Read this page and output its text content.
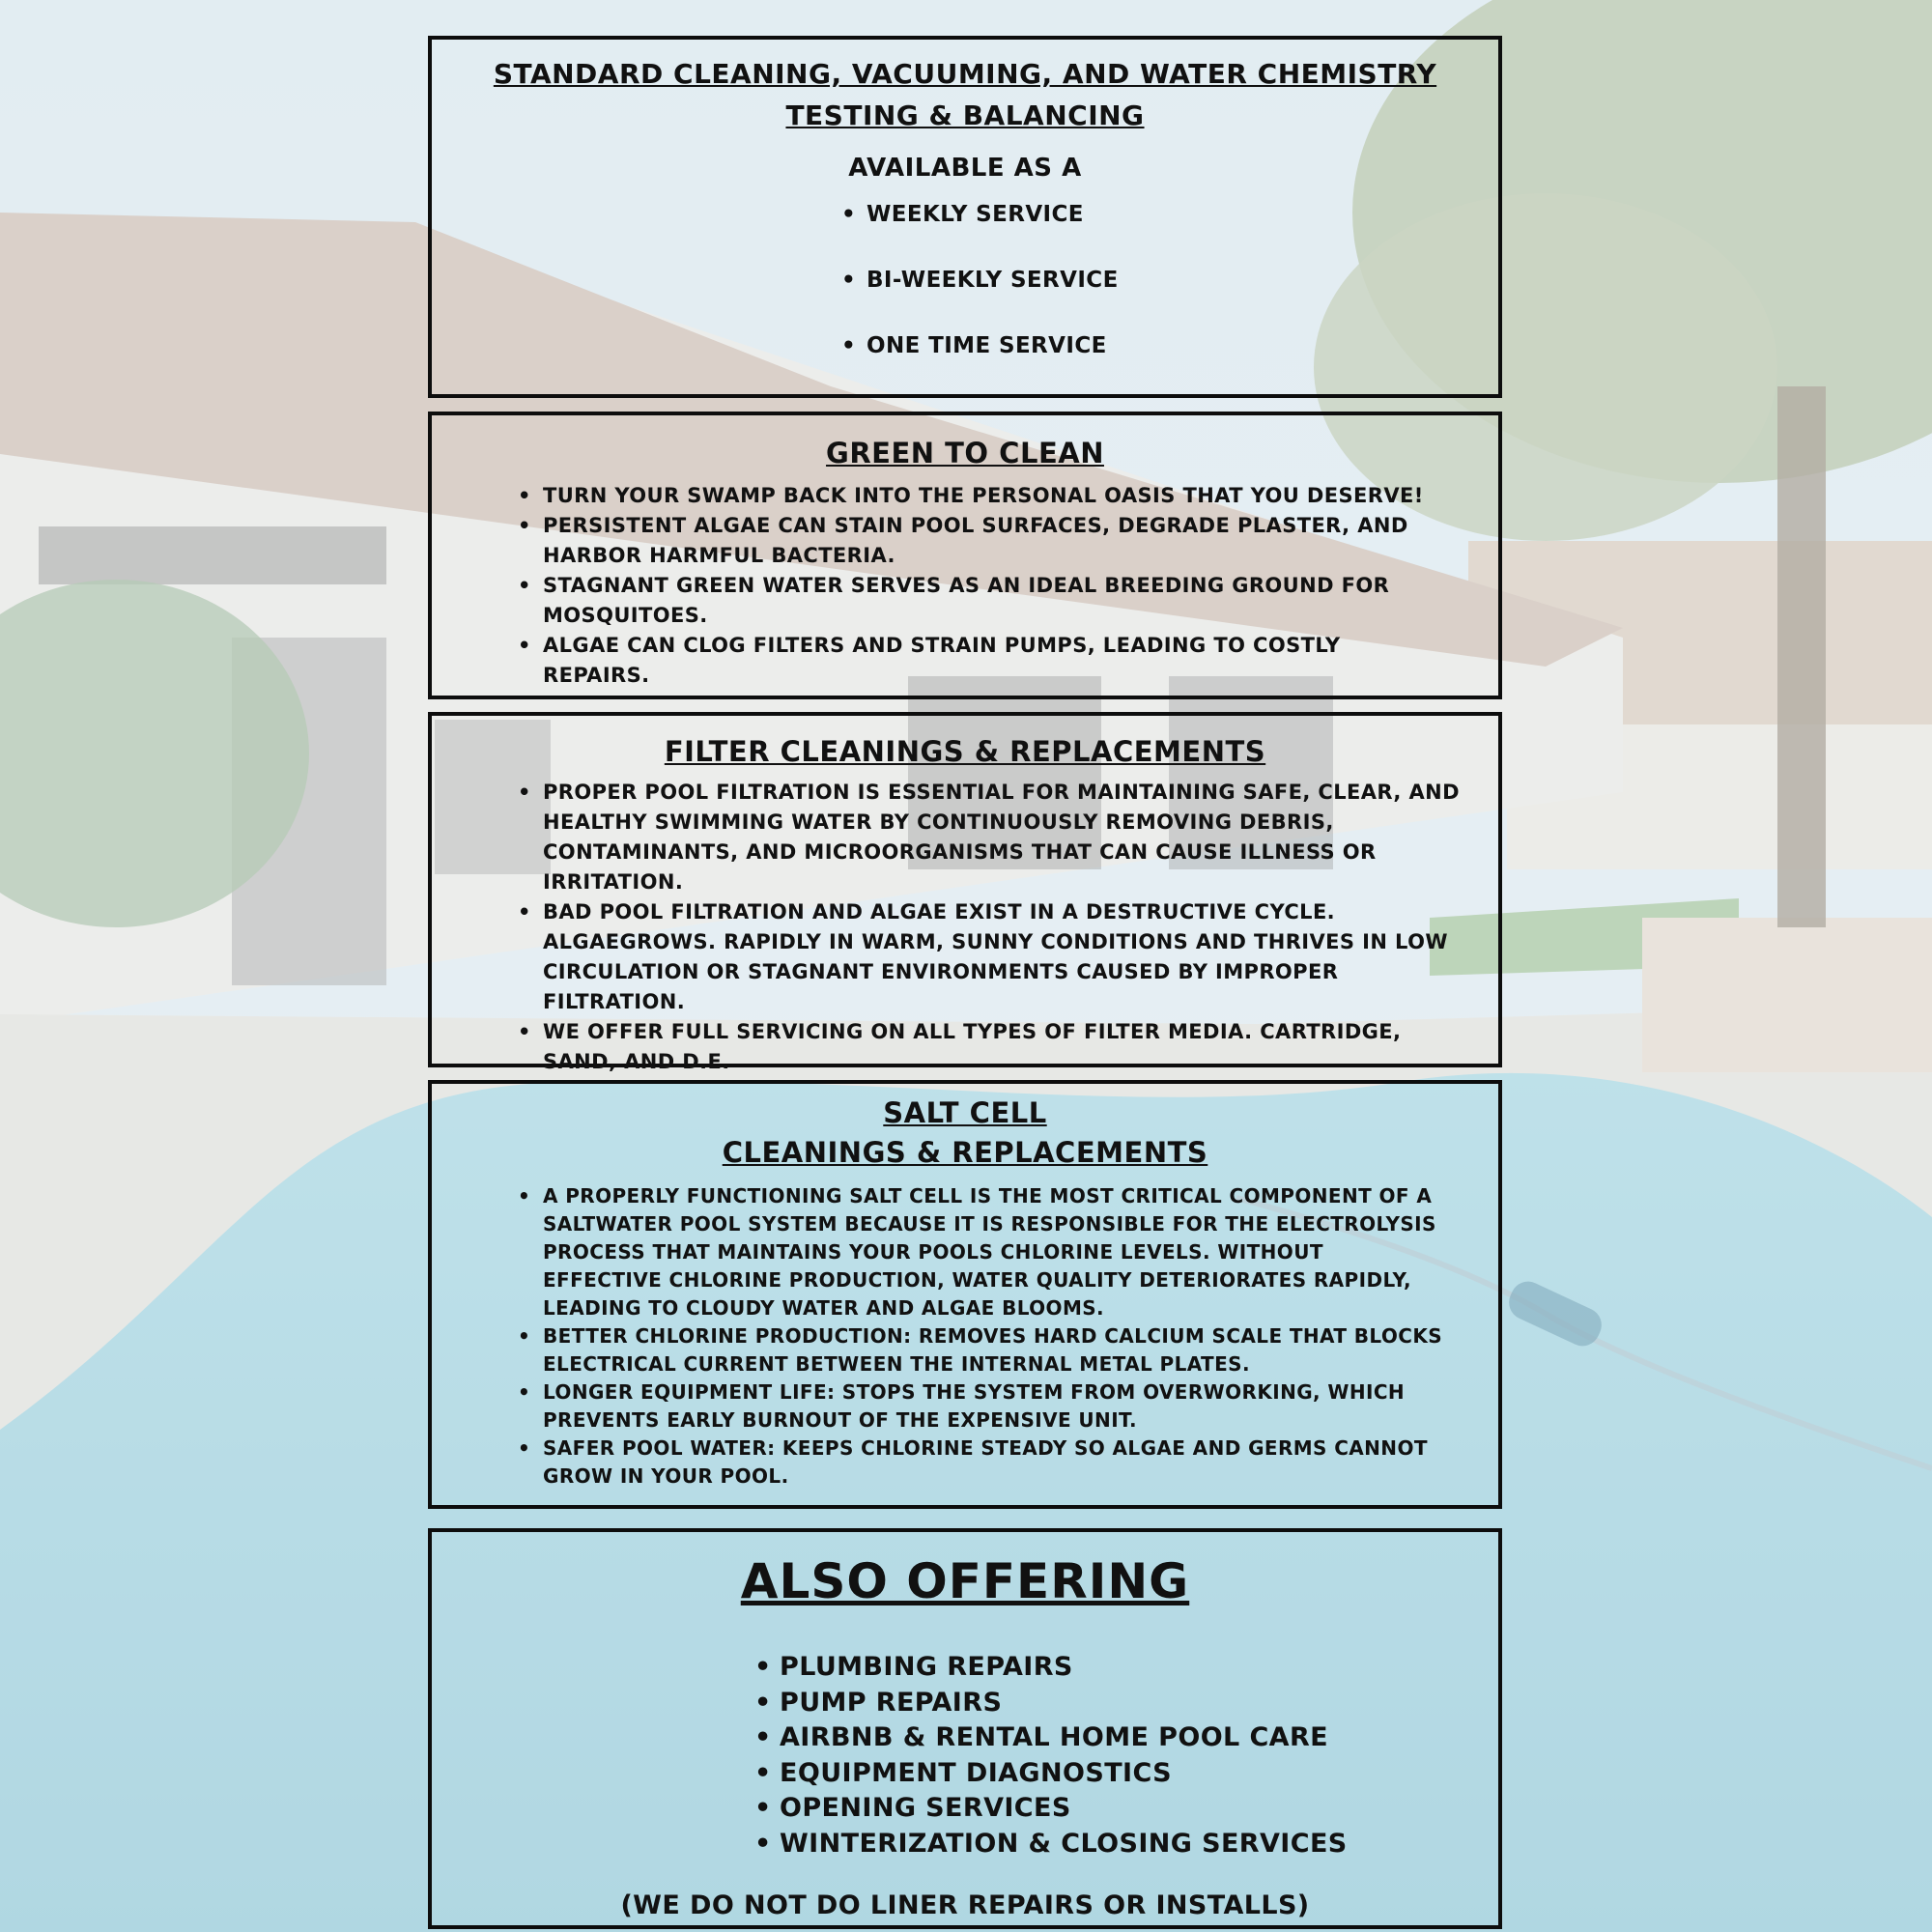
STANDARD CLEANING, VACUUMING, AND WATER CHEMISTRY TESTING & BALANCING
AVAILABLE AS A
• WEEKLY SERVICE
• BI-WEEKLY SERVICE
• ONE TIME SERVICE
GREEN TO CLEAN
• TURN YOUR SWAMP BACK INTO THE PERSONAL OASIS THAT YOU DESERVE!
• PERSISTENT ALGAE CAN STAIN POOL SURFACES, DEGRADE PLASTER, AND HARBOR HARMFUL BACTERIA.
• STAGNANT GREEN WATER SERVES AS AN IDEAL BREEDING GROUND FOR MOSQUITOES.
• ALGAE CAN CLOG FILTERS AND STRAIN PUMPS, LEADING TO COSTLY REPAIRS.
FILTER CLEANINGS & REPLACEMENTS
• PROPER POOL FILTRATION IS ESSENTIAL FOR MAINTAINING SAFE, CLEAR, AND HEALTHY SWIMMING WATER BY CONTINUOUSLY REMOVING DEBRIS, CONTAMINANTS, AND MICROORGANISMS THAT CAN CAUSE ILLNESS OR IRRITATION.
• BAD POOL FILTRATION AND ALGAE EXIST IN A DESTRUCTIVE CYCLE. ALGAEGROWS. RAPIDLY IN WARM, SUNNY CONDITIONS AND THRIVES IN LOW CIRCULATION OR STAGNANT ENVIRONMENTS CAUSED BY IMPROPER FILTRATION.
• WE OFFER FULL SERVICING ON ALL TYPES OF FILTER MEDIA. CARTRIDGE, SAND, AND D.E.
SALT CELL
CLEANINGS & REPLACEMENTS
• A PROPERLY FUNCTIONING SALT CELL IS THE MOST CRITICAL COMPONENT OF A SALTWATER POOL SYSTEM BECAUSE IT IS RESPONSIBLE FOR THE ELECTROLYSIS PROCESS THAT MAINTAINS YOUR POOLS CHLORINE LEVELS. WITHOUT EFFECTIVE CHLORINE PRODUCTION, WATER QUALITY DETERIORATES RAPIDLY, LEADING TO CLOUDY WATER AND ALGAE BLOOMS.
• BETTER CHLORINE PRODUCTION: REMOVES HARD CALCIUM SCALE THAT BLOCKS ELECTRICAL CURRENT BETWEEN THE INTERNAL METAL PLATES.
• LONGER EQUIPMENT LIFE: STOPS THE SYSTEM FROM OVERWORKING, WHICH PREVENTS EARLY BURNOUT OF THE EXPENSIVE UNIT.
• SAFER POOL WATER: KEEPS CHLORINE STEADY SO ALGAE AND GERMS CANNOT GROW IN YOUR POOL.
ALSO OFFERING
• PLUMBING REPAIRS
• PUMP REPAIRS
• AIRBNB & RENTAL HOME POOL CARE
• EQUIPMENT DIAGNOSTICS
• OPENING SERVICES
• WINTERIZATION & CLOSING SERVICES
(WE DO NOT DO LINER REPAIRS OR INSTALLS)
